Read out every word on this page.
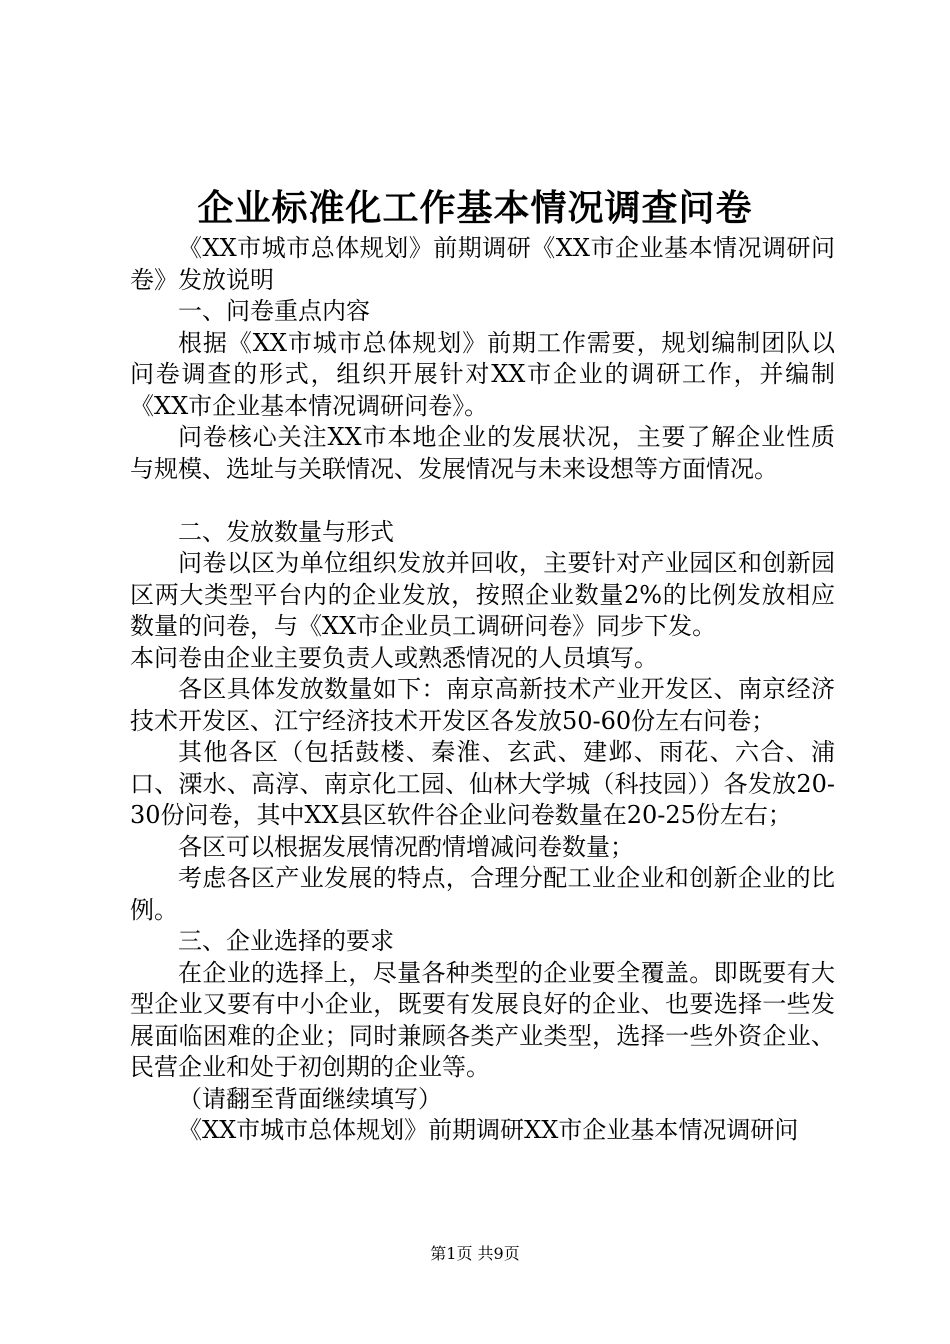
企业标准化工作基本情况调查问卷

《XX市城市总体规划》前期调研《XX市企业基本情况调研问卷》发放说明

一、问卷重点内容

根据《XX市城市总体规划》前期工作需要，规划编制团队以问卷调查的形式，组织开展针对XX市企业的调研工作，并编制《XX市企业基本情况调研问卷》。

问卷核心关注XX市本地企业的发展状况，主要了解企业性质与规模、选址与关联情况、发展情况与未来设想等方面情况。

二、发放数量与形式

问卷以区为单位组织发放并回收，主要针对产业园区和创新园区两大类型平台内的企业发放，按照企业数量2%的比例发放相应数量的问卷，与《XX市企业员工调研问卷》同步下发。

本问卷由企业主要负责人或熟悉情况的人员填写。

各区具体发放数量如下：南京高新技术产业开发区、南京经济技术开发区、江宁经济技术开发区各发放50-60份左右问卷；

其他各区（包括鼓楼、秦淮、玄武、建邺、雨花、六合、浦口、溧水、高淳、南京化工园、仙林大学城（科技园））各发放20-30份问卷，其中XX县区软件谷企业问卷数量在20-25份左右；

各区可以根据发展情况酌情增减问卷数量；

考虑各区产业发展的特点，合理分配工业企业和创新企业的比例。

三、企业选择的要求

在企业的选择上，尽量各种类型的企业要全覆盖。即既要有大型企业又要有中小企业，既要有发展良好的企业、也要选择一些发展面临困难的企业；同时兼顾各类产业类型，选择一些外资企业、民营企业和处于初创期的企业等。

（请翻至背面继续填写）

《XX市城市总体规划》前期调研XX市企业基本情况调研问

第1页 共9页
